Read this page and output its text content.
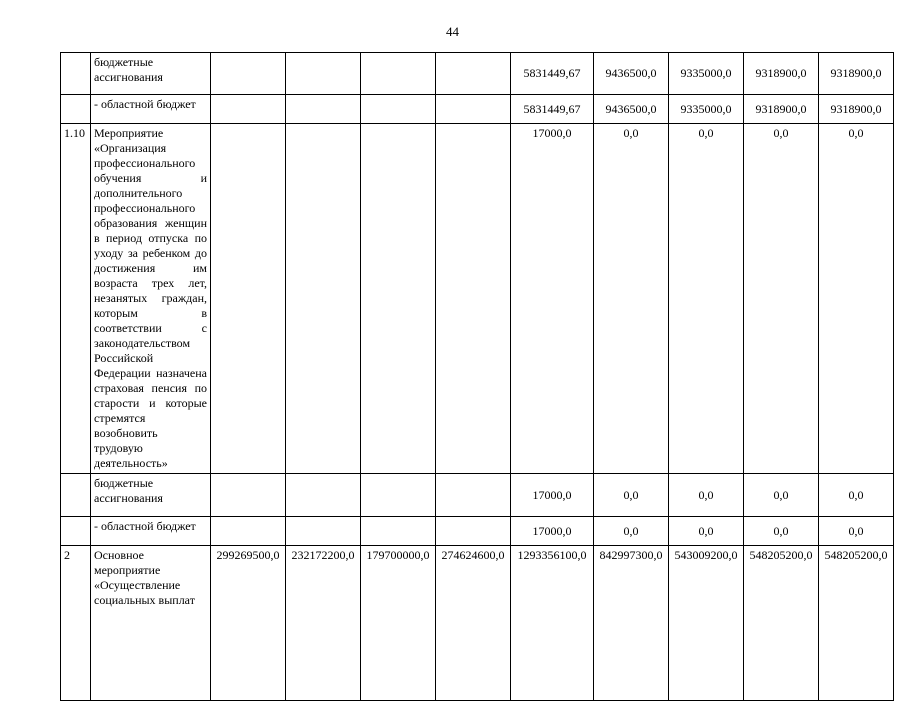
44
	бюджетные ассигнования					5831449,67	9436500,0	9335000,0	9318900,0	9318900,0
	- областной бюджет					5831449,67	9436500,0	9335000,0	9318900,0	9318900,0
1.10	Мероприятие «Организация профессионального обучения и дополнительного профессионального образования женщин в период отпуска по уходу за ребенком до достижения им возраста трех лет, незанятых граждан, которым в соответствии с законодательством Российской Федерации назначена страховая пенсия по старости и которые стремятся возобновить трудовую деятельность»					17000,0	0,0	0,0	0,0	0,0
	бюджетные ассигнования					17000,0	0,0	0,0	0,0	0,0
	- областной бюджет					17000,0	0,0	0,0	0,0	0,0
2	Основное мероприятие «Осуществление социальных выплат	299269500,0	232172200,0	179700000,0	274624600,0	1293356100,0	842997300,0	543009200,0	548205200,0	548205200,0
